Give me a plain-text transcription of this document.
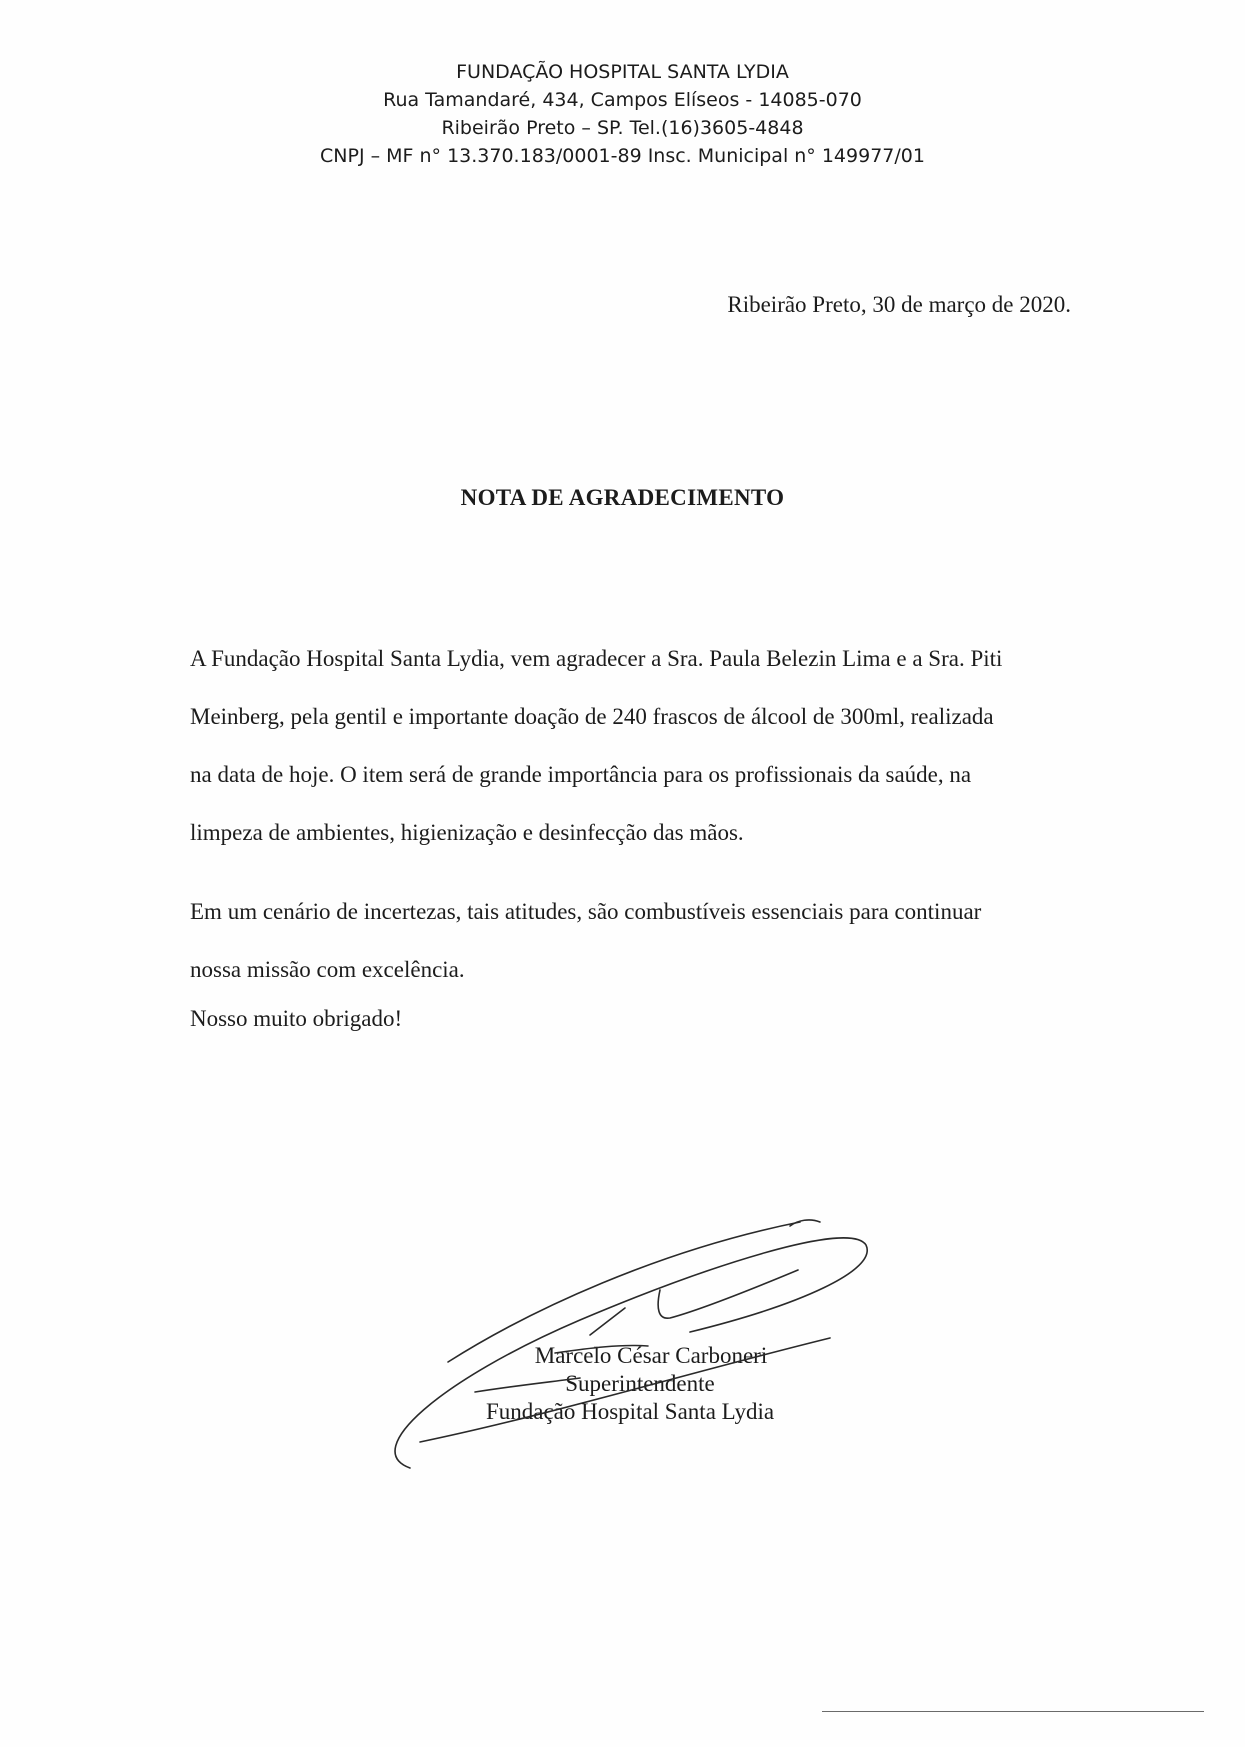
FUNDAÇÃO HOSPITAL SANTA LYDIA
Rua Tamandaré, 434, Campos Elíseos - 14085-070
Ribeirão Preto – SP. Tel.(16)3605-4848
CNPJ – MF n° 13.370.183/0001-89 Insc. Municipal n° 149977/01
Ribeirão Preto, 30 de março de 2020.
NOTA DE AGRADECIMENTO
A Fundação Hospital Santa Lydia, vem agradecer a Sra. Paula Belezin Lima e a Sra. Piti
Meinberg, pela gentil e importante doação de 240 frascos de álcool de 300ml, realizada
na data de hoje. O item será de grande importância para os profissionais da saúde, na
limpeza de ambientes, higienização e desinfecção das mãos.
Em um cenário de incertezas, tais atitudes, são combustíveis essenciais para continuar
nossa missão com excelência.
Nosso muito obrigado!
Marcelo César Carboneri
Superintendente
Fundação Hospital Santa Lydia
